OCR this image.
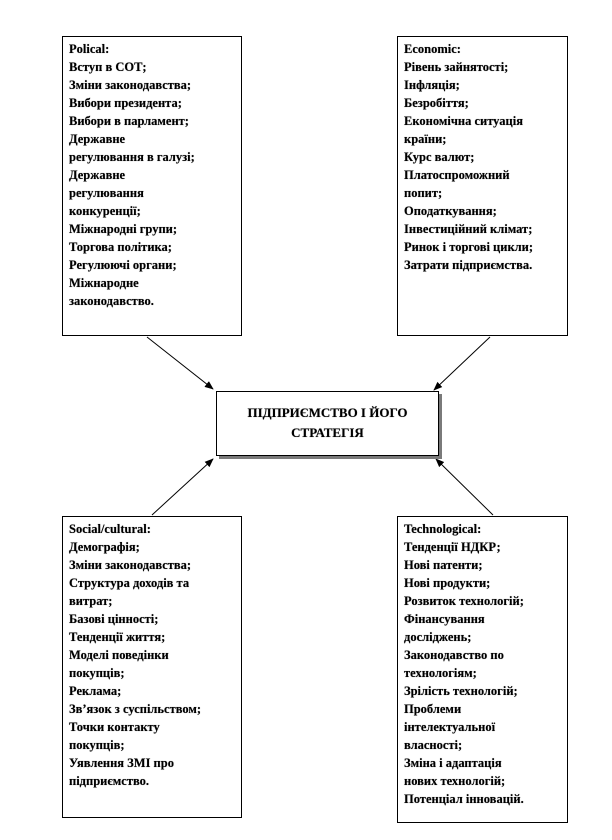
Polical:
Вступ в СОТ;
Зміни законодавства;
Вибори президента;
Вибори в парламент;
Державне
регулювання в галузі;
Державне
регулювання
конкуренції;
Міжнародні групи;
Торгова політика;
Регулюючі органи;
Міжнародне
законодавство.
Economic:
Рівень зайнятості;
Інфляція;
Безробіття;
Економічна ситуація
країни;
Курс валют;
Платоспроможний
попит;
Оподаткування;
Інвестиційний клімат;
Ринок і торгові цикли;
Затрати підприємства.
ПІДПРИЄМСТВО І ЙОГО
СТРАТЕГІЯ
Social/cultural:
Демографія;
Зміни законодавства;
Структура доходів та
витрат;
Базові цінності;
Тенденції життя;
Моделі поведінки
покупців;
Реклама;
Зв’язок з суспільством;
Точки контакту
покупців;
Уявлення ЗМІ про
підприємство.
Technological:
Тенденції НДКР;
Нові патенти;
Нові продукти;
Розвиток технологій;
Фінансування
досліджень;
Законодавство по
технологіям;
Зрілість технологій;
Проблеми
інтелектуальної
власності;
Зміна і адаптація
нових технологій;
Потенціал інновацій.
